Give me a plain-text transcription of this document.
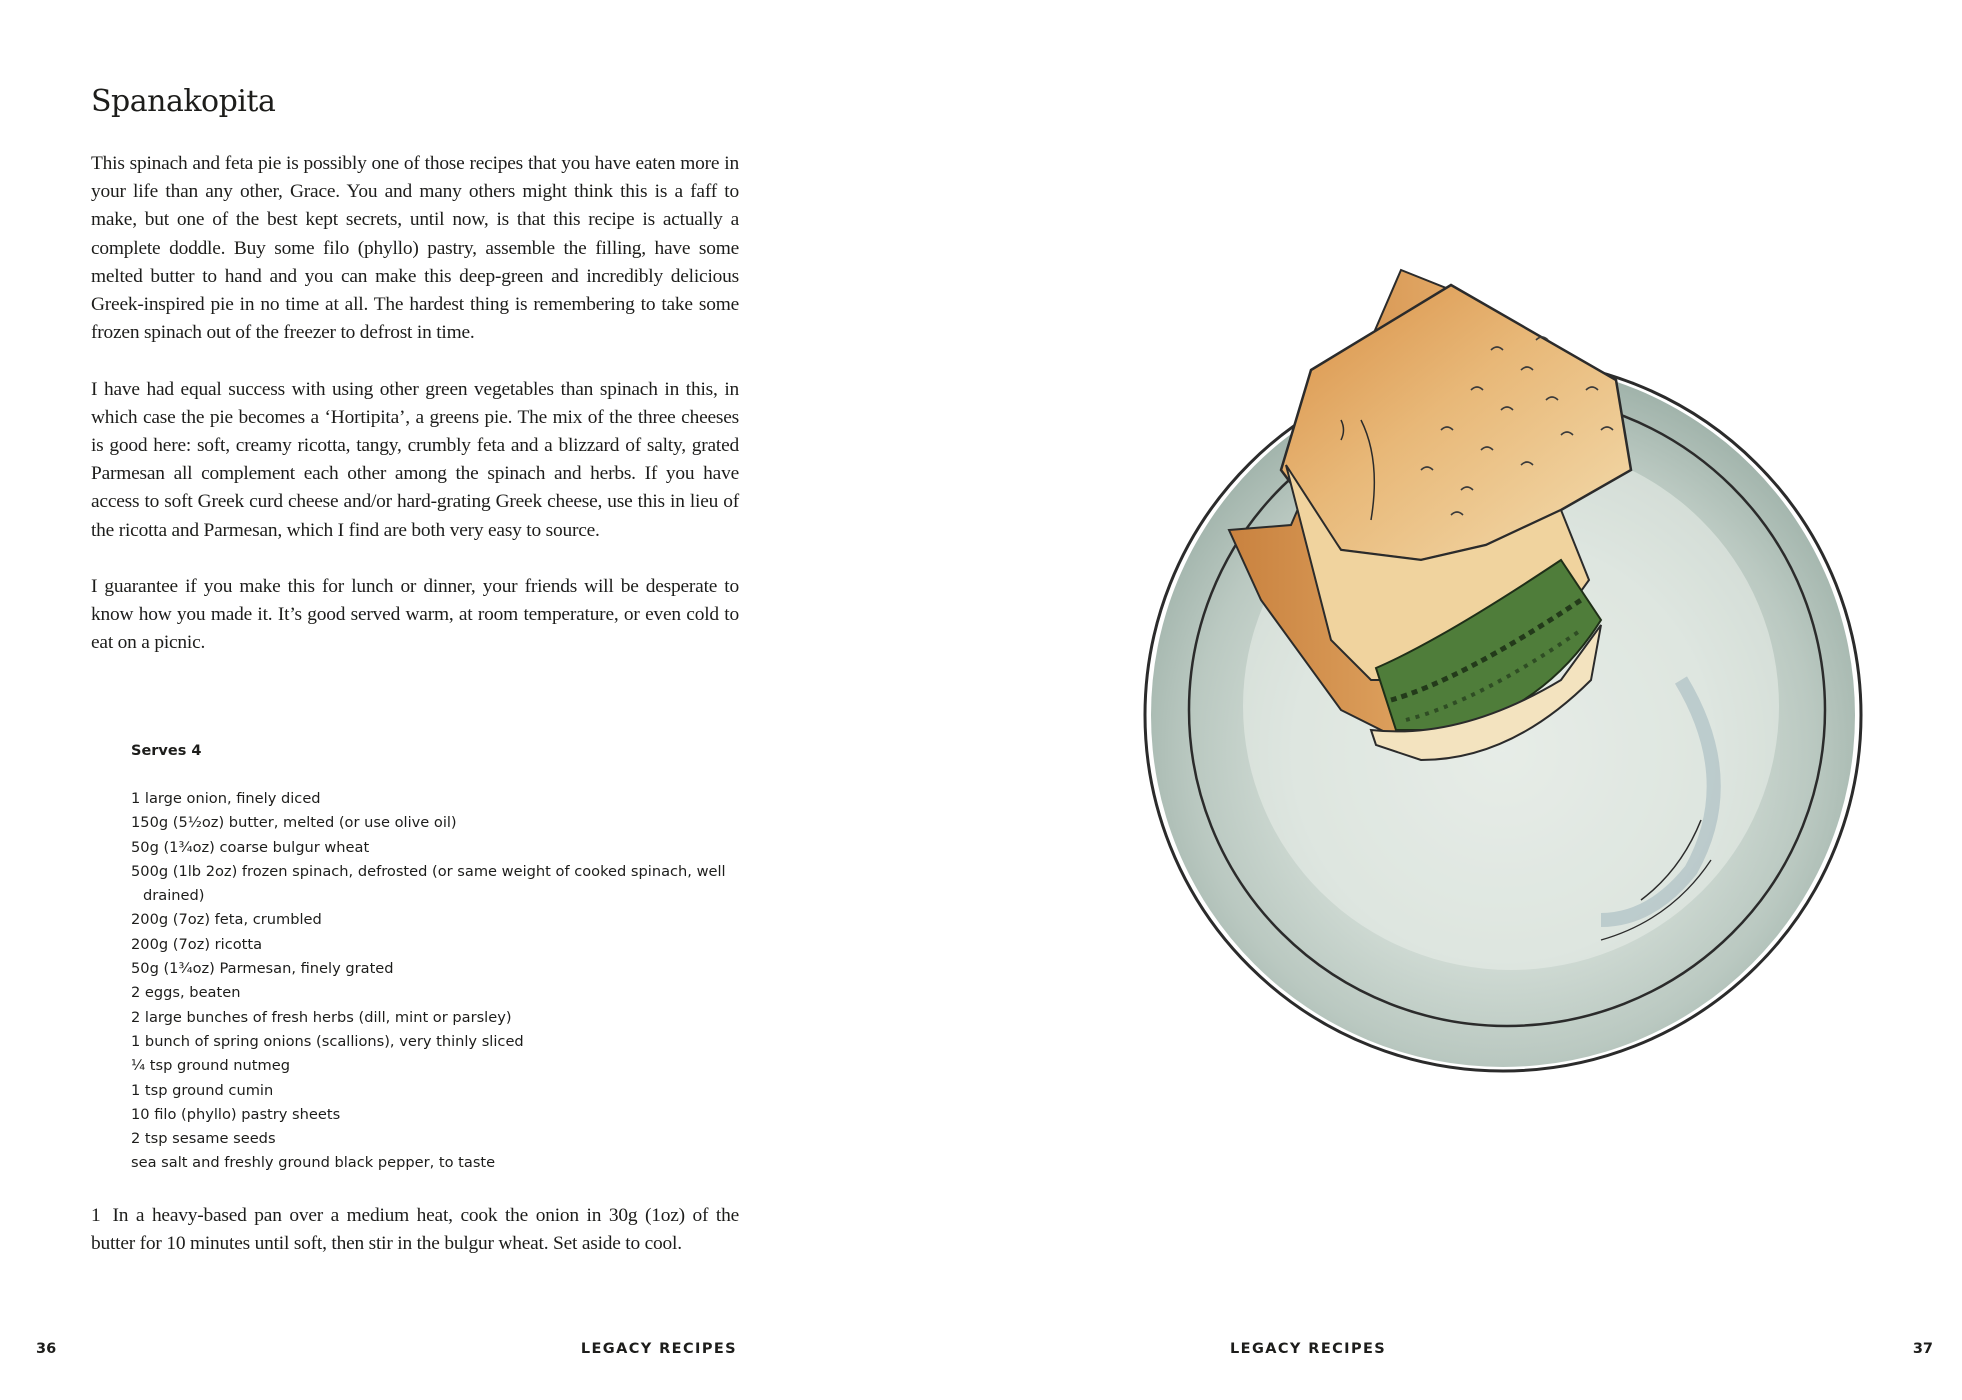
Spanakopita

This spinach and feta pie is possibly one of those recipes that you have eaten more in your life than any other, Grace. You and many others might think this is a faff to make, but one of the best kept secrets, until now, is that this recipe is actually a complete doddle. Buy some filo (phyllo) pastry, assemble the filling, have some melted butter to hand and you can make this deep-green and incredibly delicious Greek-inspired pie in no time at all. The hardest thing is remembering to take some frozen spinach out of the freezer to defrost in time.

I have had equal success with using other green vegetables than spinach in this, in which case the pie becomes a ‘Hortipita’, a greens pie. The mix of the three cheeses is good here: soft, creamy ricotta, tangy, crumbly feta and a blizzard of salty, grated Parmesan all complement each other among the spinach and herbs. If you have access to soft Greek curd cheese and/or hard-grating Greek cheese, use this in lieu of the ricotta and Parmesan, which I find are both very easy to source.

I guarantee if you make this for lunch or dinner, your friends will be desperate to know how you made it. It’s good served warm, at room temperature, or even cold to eat on a picnic.

Serves 4
1 large onion, finely diced
150g (5½oz) butter, melted (or use olive oil)
50g (1¾oz) coarse bulgur wheat
500g (1lb 2oz) frozen spinach, defrosted (or same weight of cooked spinach, well drained)
200g (7oz) feta, crumbled
200g (7oz) ricotta
50g (1¾oz) Parmesan, finely grated
2 eggs, beaten
2 large bunches of fresh herbs (dill, mint or parsley)
1 bunch of spring onions (scallions), very thinly sliced
¼ tsp ground nutmeg
1 tsp ground cumin
10 filo (phyllo) pastry sheets
2 tsp sesame seeds
sea salt and freshly ground black pepper, to taste
1 In a heavy-based pan over a medium heat, cook the onion in 30g (1oz) of the butter for 10 minutes until soft, then stir in the bulgur wheat. Set aside to cool.
36	LEGACY RECIPES	LEGACY RECIPES	37
